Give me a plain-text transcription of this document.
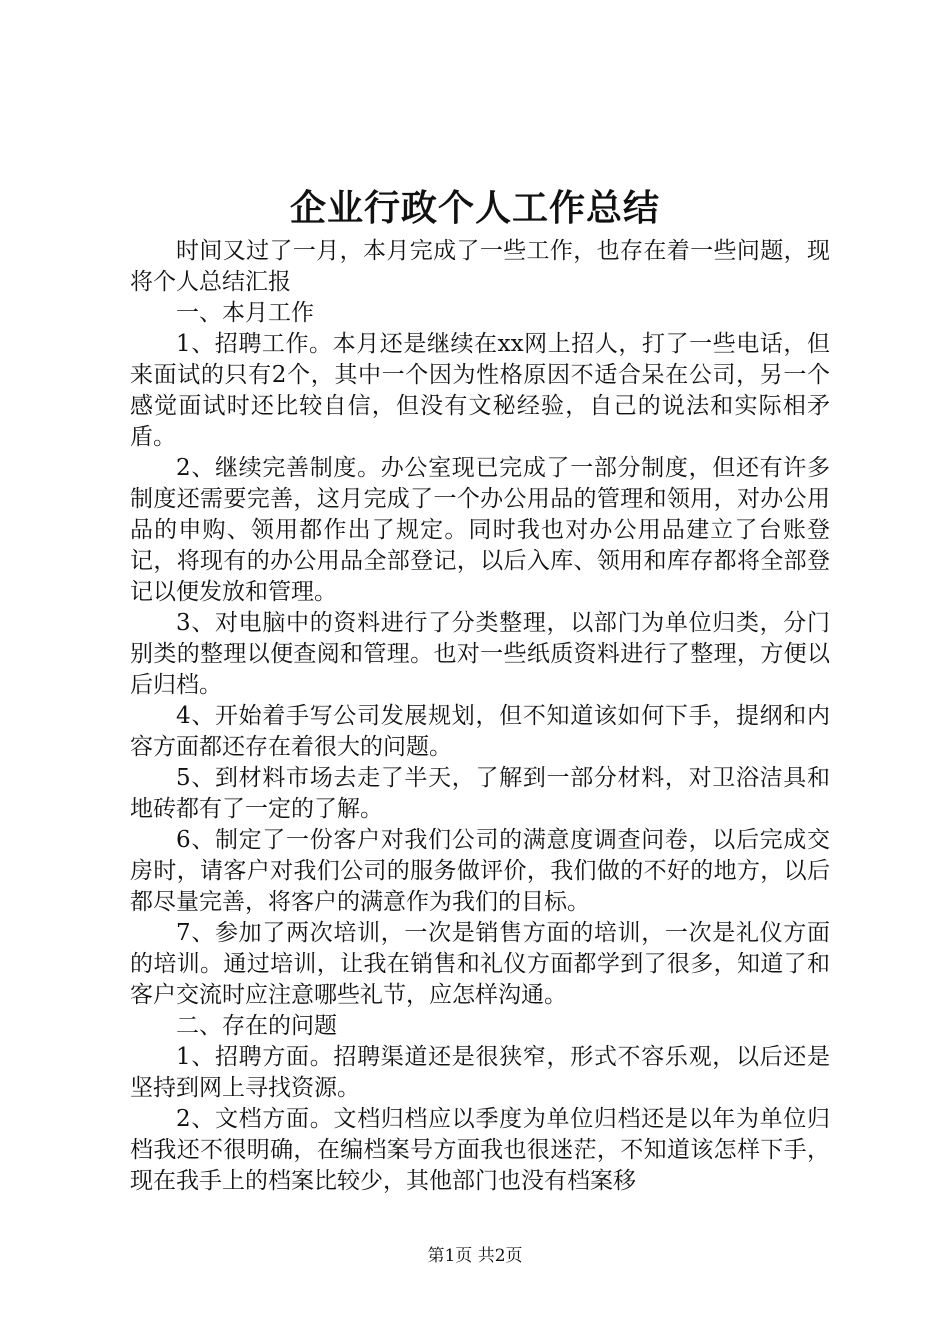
企业行政个人工作总结

时间又过了一月，本月完成了一些工作，也存在着一些问题，现将个人总结汇报

一、本月工作

1、招聘工作。本月还是继续在xx网上招人，打了一些电话，但来面试的只有2个，其中一个因为性格原因不适合呆在公司，另一个感觉面试时还比较自信，但没有文秘经验，自己的说法和实际相矛盾。

2、继续完善制度。办公室现已完成了一部分制度，但还有许多制度还需要完善，这月完成了一个办公用品的管理和领用，对办公用品的申购、领用都作出了规定。同时我也对办公用品建立了台账登记，将现有的办公用品全部登记，以后入库、领用和库存都将全部登记以便发放和管理。

3、对电脑中的资料进行了分类整理，以部门为单位归类，分门别类的整理以便查阅和管理。也对一些纸质资料进行了整理，方便以后归档。

4、开始着手写公司发展规划，但不知道该如何下手，提纲和内容方面都还存在着很大的问题。

5、到材料市场去走了半天，了解到一部分材料，对卫浴洁具和地砖都有了一定的了解。

6、制定了一份客户对我们公司的满意度调查问卷，以后完成交房时，请客户对我们公司的服务做评价，我们做的不好的地方，以后都尽量完善，将客户的满意作为我们的目标。

7、参加了两次培训，一次是销售方面的培训，一次是礼仪方面的培训。通过培训，让我在销售和礼仪方面都学到了很多，知道了和客户交流时应注意哪些礼节，应怎样沟通。

二、存在的问题

1、招聘方面。招聘渠道还是很狭窄，形式不容乐观，以后还是坚持到网上寻找资源。

2、文档方面。文档归档应以季度为单位归档还是以年为单位归档我还不很明确，在编档案号方面我也很迷茫，不知道该怎样下手，现在我手上的档案比较少，其他部门也没有档案移

第1页 共2页
